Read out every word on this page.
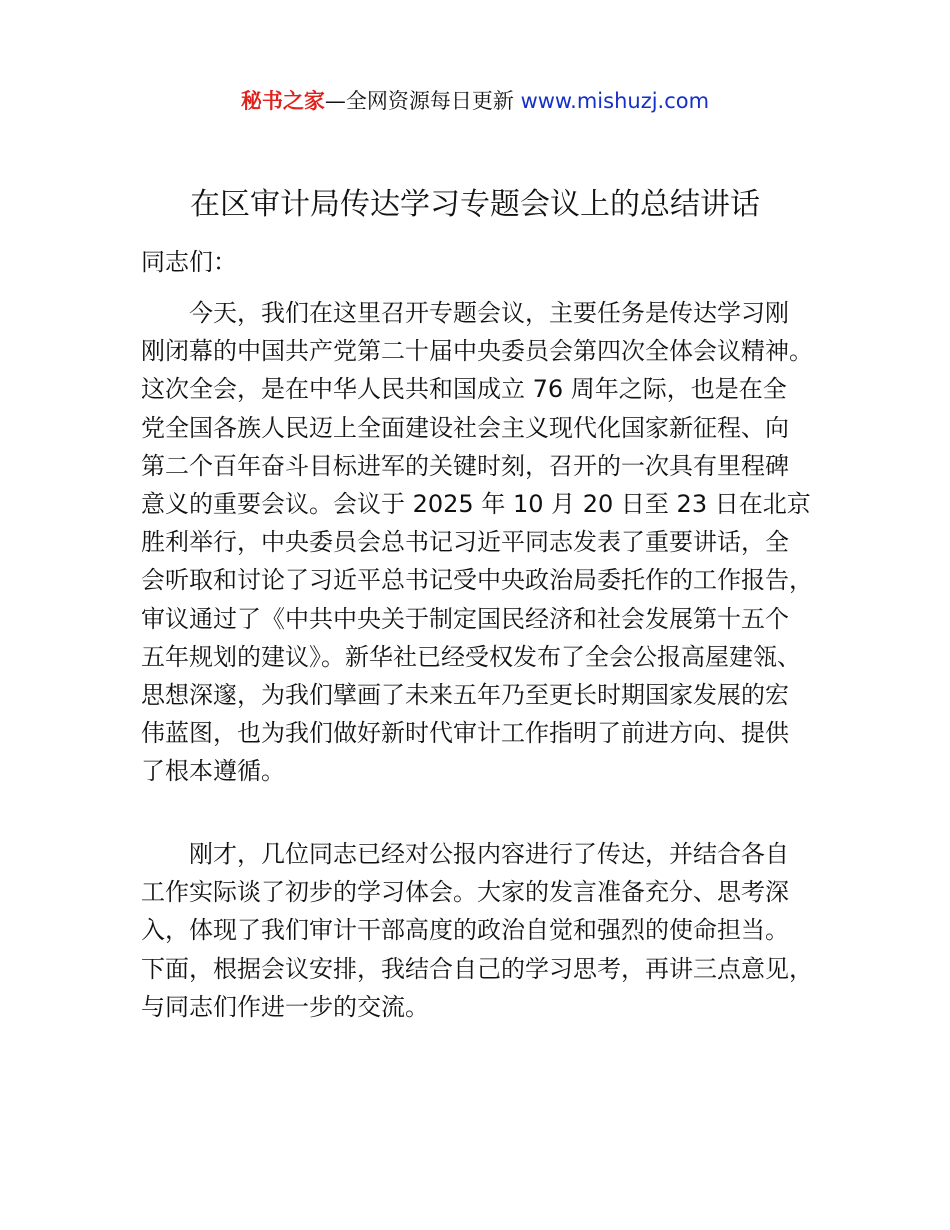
秘书之家—全网资源每日更新 www.mishuzj.com
在区审计局传达学习专题会议上的总结讲话
同志们：
　　今天，我们在这里召开专题会议，主要任务是传达学习刚
刚闭幕的中国共产党第二十届中央委员会第四次全体会议精神。
这次全会，是在中华人民共和国成立 76 周年之际，也是在全
党全国各族人民迈上全面建设社会主义现代化国家新征程、向
第二个百年奋斗目标进军的关键时刻，召开的一次具有里程碑
意义的重要会议。会议于 2025 年 10 月 20 日至 23 日在北京
胜利举行，中央委员会总书记习近平同志发表了重要讲话，全
会听取和讨论了习近平总书记受中央政治局委托作的工作报告，
审议通过了《中共中央关于制定国民经济和社会发展第十五个
五年规划的建议》。新华社已经受权发布了全会公报高屋建瓴、
思想深邃，为我们擘画了未来五年乃至更长时期国家发展的宏
伟蓝图，也为我们做好新时代审计工作指明了前进方向、提供
了根本遵循。
　　刚才，几位同志已经对公报内容进行了传达，并结合各自
工作实际谈了初步的学习体会。大家的发言准备充分、思考深
入，体现了我们审计干部高度的政治自觉和强烈的使命担当。
下面，根据会议安排，我结合自己的学习思考，再讲三点意见，
与同志们作进一步的交流。
